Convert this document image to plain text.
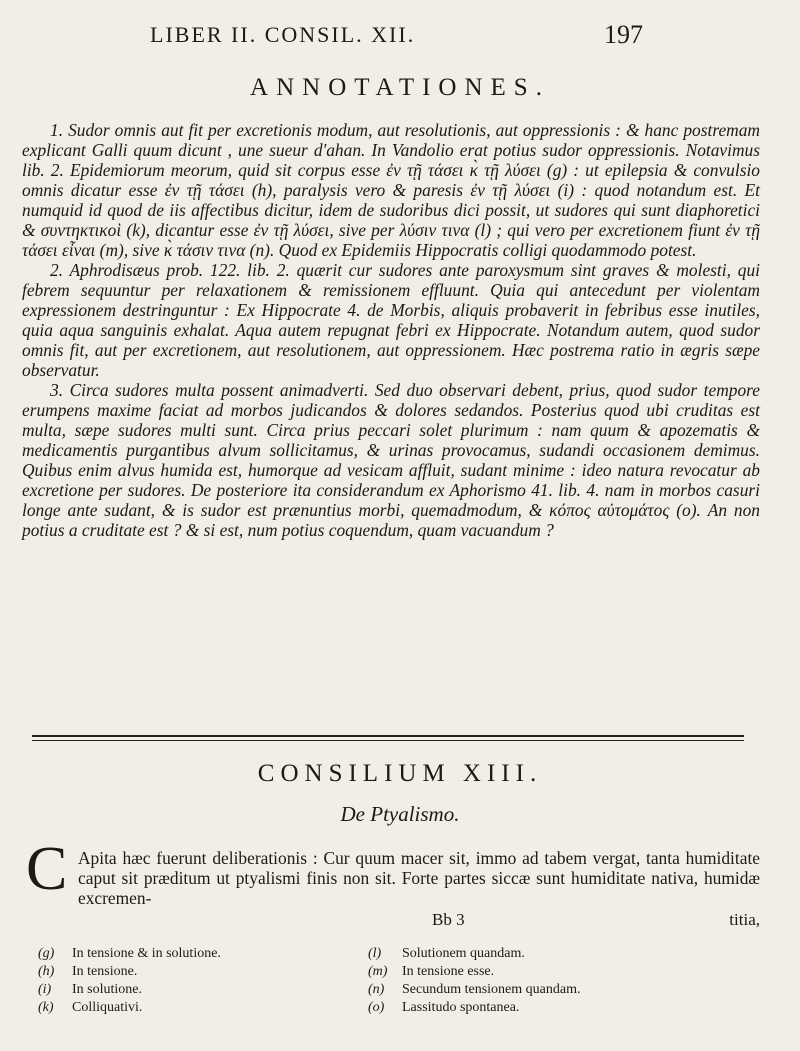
LIBER II. CONSIL. XII.	197
ANNOTATIONES.

1. Sudor omnis aut fit per excretionis modum, aut resolutionis, aut oppressionis : & hanc postremam explicant Galli quum dicunt , une sueur d'ahan. In Vandolio erat potius sudor oppressionis. Notavimus lib. 2. Epidemiorum meorum, quid sit corpus esse ἐν τῇ τάσει κ̀ τῇ λύσει (g) : ut epilepsia & convulsio omnis dicatur esse ἐν τῇ τάσει (h), paralysis vero & paresis ἐν τῇ λύσει (i) : quod notandum est. Et numquid id quod de iis affectibus dicitur, idem de sudoribus dici possit, ut sudores qui sunt diaphoretici & συντηκτικοὶ (k), dicantur esse ἐν τῇ λύσει, sive per λύσιν τινα (l) ; qui vero per excretionem fiunt ἐν τῇ τάσει εἶναι (m), sive κ̀ τάσιν τινα (n). Quod ex Epidemiis Hippocratis colligi quodammodo potest.

2. Aphrodisæus prob. 122. lib. 2. quærit cur sudores ante paroxysmum sint graves & molesti, qui febrem sequuntur per relaxationem & remissionem effluunt. Quia qui antecedunt per violentam expressionem destringuntur : Ex Hippocrate 4. de Morbis, aliquis probaverit in febribus esse inutiles, quia aqua sanguinis exhalat. Aqua autem repugnat febri ex Hippocrate. Notandum autem, quod sudor omnis fit, aut per excretionem, aut resolutionem, aut oppressionem. Hæc postrema ratio in ægris sæpe observatur.

3. Circa sudores multa possent animadverti. Sed duo observari debent, prius, quod sudor tempore erumpens maxime faciat ad morbos judicandos & dolores sedandos. Posterius quod ubi cruditas est multa, sæpe sudores multi sunt. Circa prius peccari solet plurimum : nam quum & apozematis & medicamentis purgantibus alvum sollicitamus, & urinas provocamus, sudandi occasionem demimus. Quibus enim alvus humida est, humorque ad vesicam affluit, sudant minime : ideo natura revocatur ab excretione per sudores. De posteriore ita considerandum ex Aphorismo 41. lib. 4. nam in morbos casuri longe ante sudant, & is sudor est prænuntius morbi, quemadmodum, & κόπος αὐτομάτος (o). An non potius a cruditate est ? & si est, num potius coquendum, quam vacuandum ?

CONSILIUM XIII.
De Ptyalismo.
C Apita hæc fuerunt deliberationis : Cur quum macer sit, immo ad tabem vergat, tanta humiditate caput sit præditum ut ptyalismi finis non sit. Forte partes siccæ sunt humiditate nativa, humidæ excremen-
Bb 3	titia,
(g) In tensione & in solutione.
(h) In tensione.
(i) In solutione.
(k) Colliquativi.
(l) Solutionem quandam.
(m) In tensione esse.
(n) Secundum tensionem quandam.
(o) Lassitudo spontanea.
